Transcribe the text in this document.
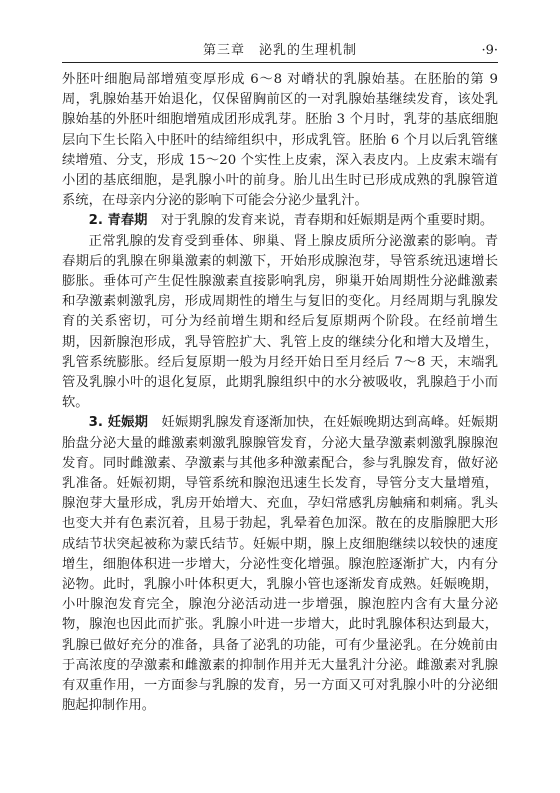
第三章　泌乳的生理机制	·9·

外胚叶细胞局部增殖变厚形成 6～8 对嵴状的乳腺始基。在胚胎的第 9 周，乳腺始基开始退化，仅保留胸前区的一对乳腺始基继续发育，该处乳腺始基的外胚叶细胞增殖成团形成乳芽。胚胎 3 个月时，乳芽的基底细胞层向下生长陷入中胚叶的结缔组织中，形成乳管。胚胎 6 个月以后乳管继续增殖、分支，形成 15～20 个实性上皮索，深入表皮内。上皮索末端有小团的基底细胞，是乳腺小叶的前身。胎儿出生时已形成成熟的乳腺管道系统，在母亲内分泌的影响下可能会分泌少量乳汁。

2. 青春期　对于乳腺的发育来说，青春期和妊娠期是两个重要时期。

正常乳腺的发育受到垂体、卵巢、肾上腺皮质所分泌激素的影响。青春期后的乳腺在卵巢激素的刺激下，开始形成腺泡芽，导管系统迅速增长膨胀。垂体可产生促性腺激素直接影响乳房，卵巢开始周期性分泌雌激素和孕激素刺激乳房，形成周期性的增生与复旧的变化。月经周期与乳腺发育的关系密切，可分为经前增生期和经后复原期两个阶段。在经前增生期，因新腺泡形成，乳导管腔扩大、乳管上皮的继续分化和增大及增生，乳管系统膨胀。经后复原期一般为月经开始日至月经后 7～8 天，末端乳管及乳腺小叶的退化复原，此期乳腺组织中的水分被吸收，乳腺趋于小而软。

3. 妊娠期　妊娠期乳腺发育逐渐加快，在妊娠晚期达到高峰。妊娠期胎盘分泌大量的雌激素刺激乳腺腺管发育，分泌大量孕激素刺激乳腺腺泡发育。同时雌激素、孕激素与其他多种激素配合，参与乳腺发育，做好泌乳准备。妊娠初期，导管系统和腺泡迅速生长发育，导管分支大量增殖，腺泡芽大量形成，乳房开始增大、充血，孕妇常感乳房触痛和刺痛。乳头也变大并有色素沉着，且易于勃起，乳晕着色加深。散在的皮脂腺肥大形成结节状突起被称为蒙氏结节。妊娠中期，腺上皮细胞继续以较快的速度增生，细胞体积进一步增大，分泌性变化增强。腺泡腔逐渐扩大，内有分泌物。此时，乳腺小叶体积更大，乳腺小管也逐渐发育成熟。妊娠晚期，小叶腺泡发育完全，腺泡分泌活动进一步增强，腺泡腔内含有大量分泌物，腺泡也因此而扩张。乳腺小叶进一步增大，此时乳腺体积达到最大，乳腺已做好充分的准备，具备了泌乳的功能，可有少量泌乳。在分娩前由于高浓度的孕激素和雌激素的抑制作用并无大量乳汁分泌。雌激素对乳腺有双重作用，一方面参与乳腺的发育，另一方面又可对乳腺小叶的分泌细胞起抑制作用。
